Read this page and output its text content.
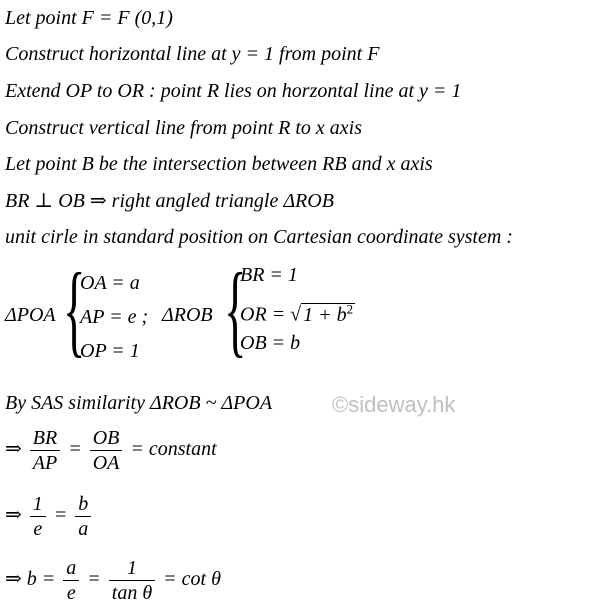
Let point F = F (0,1)
Construct horizontal line at y = 1 from point F
Extend OP to OR : point R lies on horzontal line at y = 1
Construct vertical line from point R to x axis
Let point B be the intersection between RB and x axis
BR ⊥ OB ⇒ right angled triangle ΔROB
unit cirle in standard position on Cartesian coordinate system :
ΔPOA {
OA = a
AP = e ;
OP = 1
ΔROB {
BR = 1
OR = √ $1 + b^2$
OB = b
By SAS similarity ΔROB ~ ΔPOA	©sideway.hk
⇒ $\frac{BR}{AP} = \frac{OB}{OA}$ = constant
⇒ $\frac{1}{e} = \frac{b}{a}$
⇒ $b = \frac{a}{e} = \frac{1}{\text{tan θ}} = \cot \theta$
